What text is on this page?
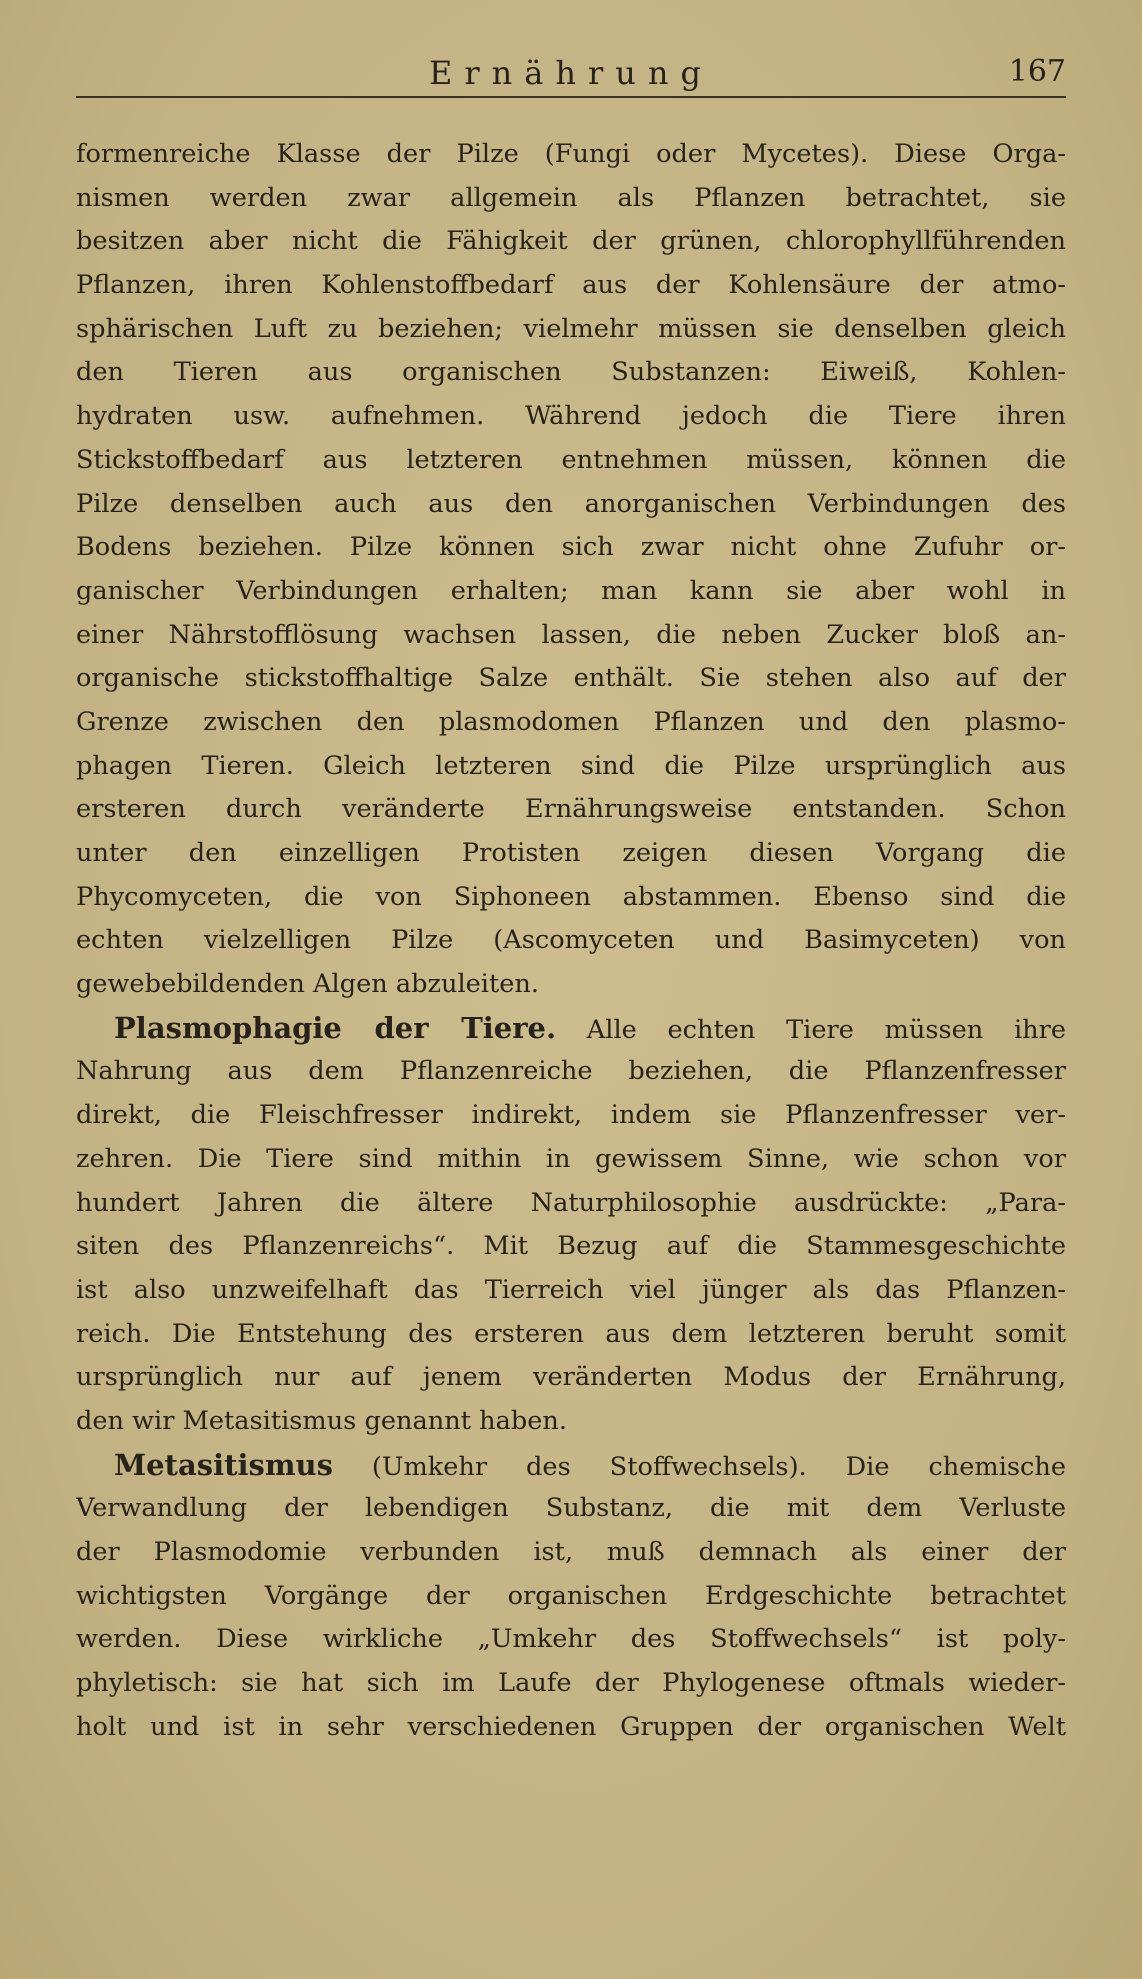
Ernährung	167
formenreiche Klasse der Pilze (Fungi oder Mycetes). Diese Orga-
nismen werden zwar allgemein als Pflanzen betrachtet, sie
besitzen aber nicht die Fähigkeit der grünen, chlorophyllführenden
Pflanzen, ihren Kohlenstoffbedarf aus der Kohlensäure der atmo-
sphärischen Luft zu beziehen; vielmehr müssen sie denselben gleich
den Tieren aus organischen Substanzen: Eiweiß, Kohlen-
hydraten usw. aufnehmen. Während jedoch die Tiere ihren
Stickstoffbedarf aus letzteren entnehmen müssen, können die
Pilze denselben auch aus den anorganischen Verbindungen des
Bodens beziehen. Pilze können sich zwar nicht ohne Zufuhr or-
ganischer Verbindungen erhalten; man kann sie aber wohl in
einer Nährstofflösung wachsen lassen, die neben Zucker bloß an-
organische stickstoffhaltige Salze enthält. Sie stehen also auf der
Grenze zwischen den plasmodomen Pflanzen und den plasmo-
phagen Tieren. Gleich letzteren sind die Pilze ursprünglich aus
ersteren durch veränderte Ernährungsweise entstanden. Schon
unter den einzelligen Protisten zeigen diesen Vorgang die
Phycomyceten, die von Siphoneen abstammen. Ebenso sind die
echten vielzelligen Pilze (Ascomyceten und Basimyceten) von
gewebebildenden Algen abzuleiten.
Plasmophagie der Tiere. Alle echten Tiere müssen ihre
Nahrung aus dem Pflanzenreiche beziehen, die Pflanzenfresser
direkt, die Fleischfresser indirekt, indem sie Pflanzenfresser ver-
zehren. Die Tiere sind mithin in gewissem Sinne, wie schon vor
hundert Jahren die ältere Naturphilosophie ausdrückte: „Para-
siten des Pflanzenreichs“. Mit Bezug auf die Stammesgeschichte
ist also unzweifelhaft das Tierreich viel jünger als das Pflanzen-
reich. Die Entstehung des ersteren aus dem letzteren beruht somit
ursprünglich nur auf jenem veränderten Modus der Ernährung,
den wir Metasitismus genannt haben.
Metasitismus (Umkehr des Stoffwechsels). Die chemische
Verwandlung der lebendigen Substanz, die mit dem Verluste
der Plasmodomie verbunden ist, muß demnach als einer der
wichtigsten Vorgänge der organischen Erdgeschichte betrachtet
werden. Diese wirkliche „Umkehr des Stoffwechsels“ ist poly-
phyletisch: sie hat sich im Laufe der Phylogenese oftmals wieder-
holt und ist in sehr verschiedenen Gruppen der organischen Welt
